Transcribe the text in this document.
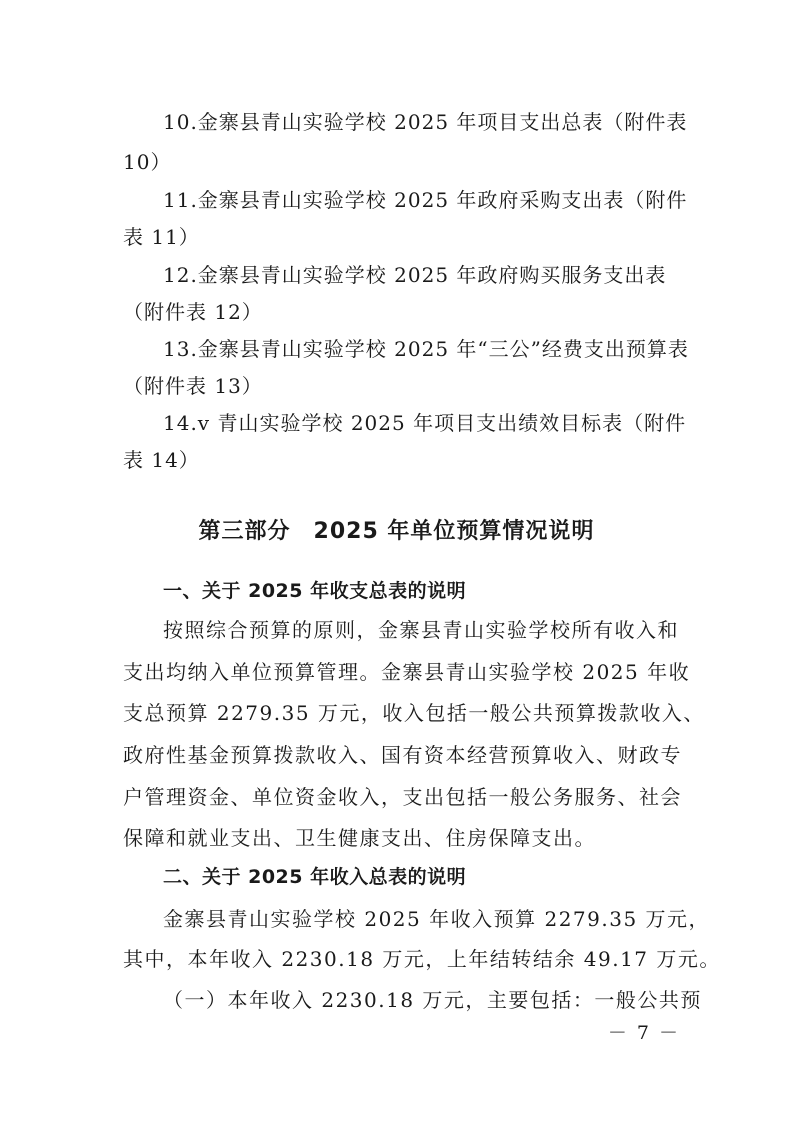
10.金寨县青山实验学校 2025 年项目支出总表（附件表
10）
11.金寨县青山实验学校 2025 年政府采购支出表（附件
表 11）
12.金寨县青山实验学校 2025 年政府购买服务支出表
（附件表 12）
13.金寨县青山实验学校 2025 年“三公”经费支出预算表
（附件表 13）
14.v 青山实验学校 2025 年项目支出绩效目标表（附件
表 14）
第三部分　2025 年单位预算情况说明
一、关于 2025 年收支总表的说明
按照综合预算的原则，金寨县青山实验学校所有收入和
支出均纳入单位预算管理。金寨县青山实验学校 2025 年收
支总预算 2279.35 万元，收入包括一般公共预算拨款收入、
政府性基金预算拨款收入、国有资本经营预算收入、财政专
户管理资金、单位资金收入，支出包括一般公务服务、社会
保障和就业支出、卫生健康支出、住房保障支出。
二、关于 2025 年收入总表的说明
金寨县青山实验学校 2025 年收入预算 2279.35 万元，
其中，本年收入 2230.18 万元，上年结转结余 49.17 万元。
（一）本年收入 2230.18 万元，主要包括：一般公共预
－ 7 －
